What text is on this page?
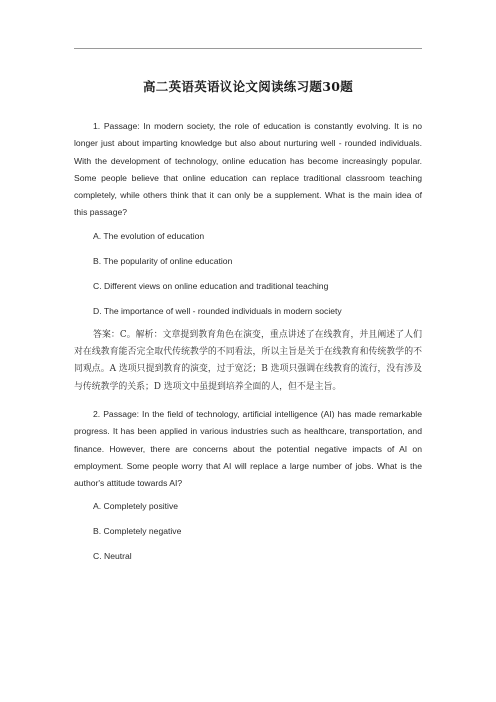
高二英语英语议论文阅读练习题30题

1. Passage: In modern society, the role of education is constantly evolving. It is no longer just about imparting knowledge but also about nurturing well - rounded individuals. With the development of technology, online education has become increasingly popular. Some people believe that online education can replace traditional classroom teaching completely, while others think that it can only be a supplement. What is the main idea of this passage?

A. The evolution of education

B. The popularity of online education

C. Different views on online education and traditional teaching

D. The importance of well - rounded individuals in modern society

答案：C。解析：文章提到教育角色在演变，重点讲述了在线教育，并且阐述了人们对在线教育能否完全取代传统教学的不同看法，所以主旨是关于在线教育和传统教学的不同观点。A 选项只提到教育的演变，过于宽泛；B 选项只强调在线教育的流行，没有涉及与传统教学的关系；D 选项文中虽提到培养全面的人，但不是主旨。

2. Passage: In the field of technology, artificial intelligence (AI) has made remarkable progress. It has been applied in various industries such as healthcare, transportation, and finance. However, there are concerns about the potential negative impacts of AI on employment. Some people worry that AI will replace a large number of jobs. What is the author's attitude towards AI?

A. Completely positive

B. Completely negative

C. Neutral
